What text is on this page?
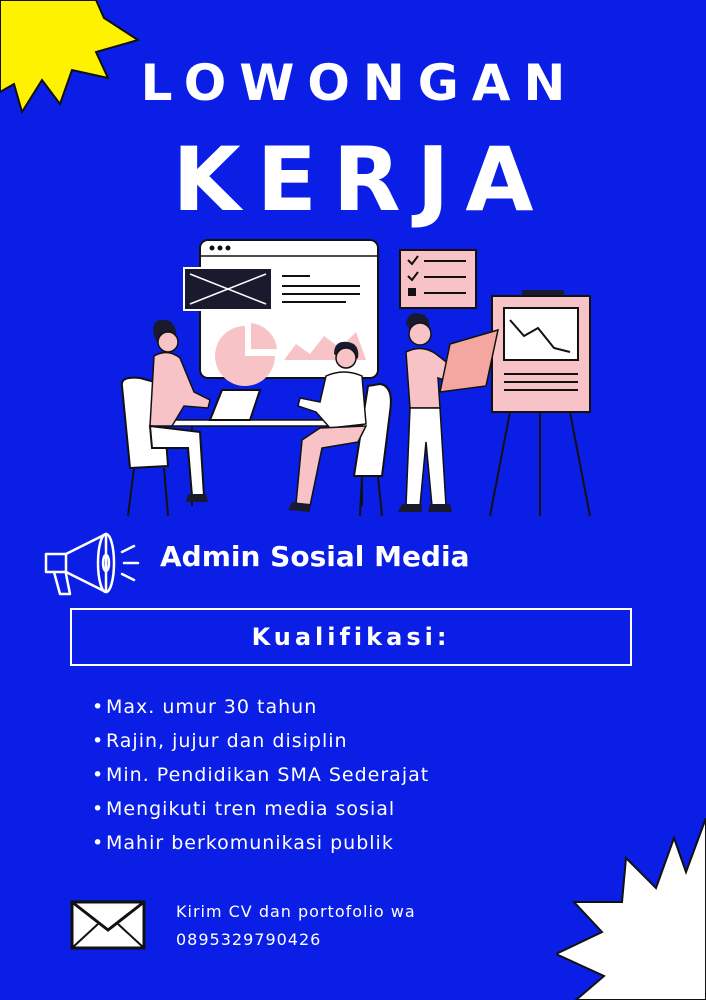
LOWONGAN
KERJA
Admin Sosial Media
Kualifikasi:
•Max. umur 30 tahun
•Rajin, jujur dan disiplin
•Min. Pendidikan SMA Sederajat
•Mengikuti tren media sosial
•Mahir berkomunikasi publik
Kirim CV dan portofolio wa
0895329790426
